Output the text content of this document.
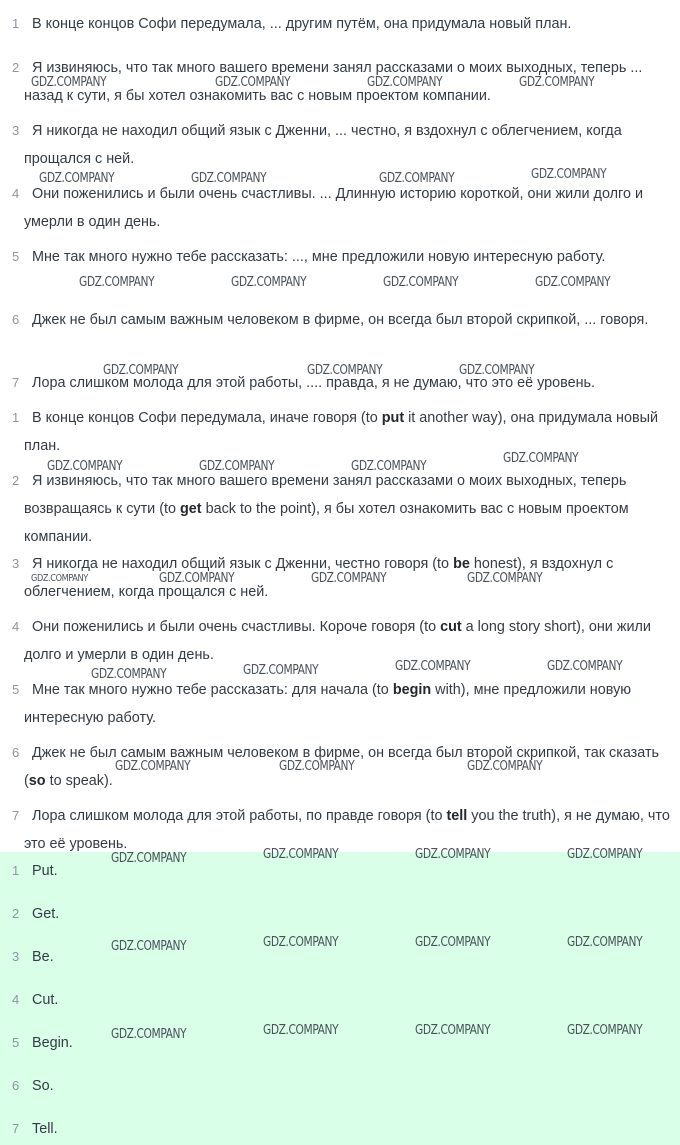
1 В конце концов Софи передумала, ... другим путём, она придумала новый план.
2 Я извиняюсь, что так много вашего времени занял рассказами о моих выходных, теперь ... назад к сути, я бы хотел ознакомить вас с новым проектом компании.
3 Я никогда не находил общий язык с Дженни, ... честно, я вздохнул с облегчением, когда прощался с ней.
4 Они поженились и были очень счастливы. ... Длинную историю короткой, они жили долго и умерли в один день.
5 Мне так много нужно тебе рассказать: ..., мне предложили новую интересную работу.
6 Джек не был самым важным человеком в фирме, он всегда был второй скрипкой, ... говоря.
7 Лора слишком молода для этой работы, .... правда, я не думаю, что это её уровень.
1 В конце концов Софи передумала, иначе говоря (to put it another way), она придумала новый план.
2 Я извиняюсь, что так много вашего времени занял рассказами о моих выходных, теперь возвращаясь к сути (to get back to the point), я бы хотел ознакомить вас с новым проектом компании.
3 Я никогда не находил общий язык с Дженни, честно говоря (to be honest), я вздохнул с облегчением, когда прощался с ней.
4 Они поженились и были очень счастливы. Короче говоря (to cut a long story short), они жили долго и умерли в один день.
5 Мне так много нужно тебе рассказать: для начала (to begin with), мне предложили новую интересную работу.
6 Джек не был самым важным человеком в фирме, он всегда был второй скрипкой, так сказать (so to speak).
7 Лора слишком молода для этой работы, по правде говоря (to tell you the truth), я не думаю, что это её уровень.
1 Put.
2 Get.
3 Be.
4 Cut.
5 Begin.
6 So.
7 Tell.
GDZ.COMPANY	GDZ.COMPANY	GDZ.COMPANY	GDZ.COMPANY
GDZ.COMPANY	GDZ.COMPANY	GDZ.COMPANY	GDZ.COMPANY
GDZ.COMPANY	GDZ.COMPANY	GDZ.COMPANY	GDZ.COMPANY
GDZ.COMPANY	GDZ.COMPANY	GDZ.COMPANY
GDZ.COMPANY	GDZ.COMPANY	GDZ.COMPANY
GDZ.COMPANY
GDZ.COMPANY	GDZ.COMPANY	GDZ.COMPANY
GDZ.COMPANY	GDZ.COMPANY	GDZ.COMPANY	GDZ.COMPANY
GDZ.COMPANY	GDZ.COMPANY	GDZ.COMPANY
GDZ.COMPANY	GDZ.COMPANY	GDZ.COMPANY	GDZ.COMPANY
GDZ.COMPANY	GDZ.COMPANY	GDZ.COMPANY	GDZ.COMPANY
GDZ.COMPANY	GDZ.COMPANY	GDZ.COMPANY	GDZ.COMPANY
GDZ.COMPANY
